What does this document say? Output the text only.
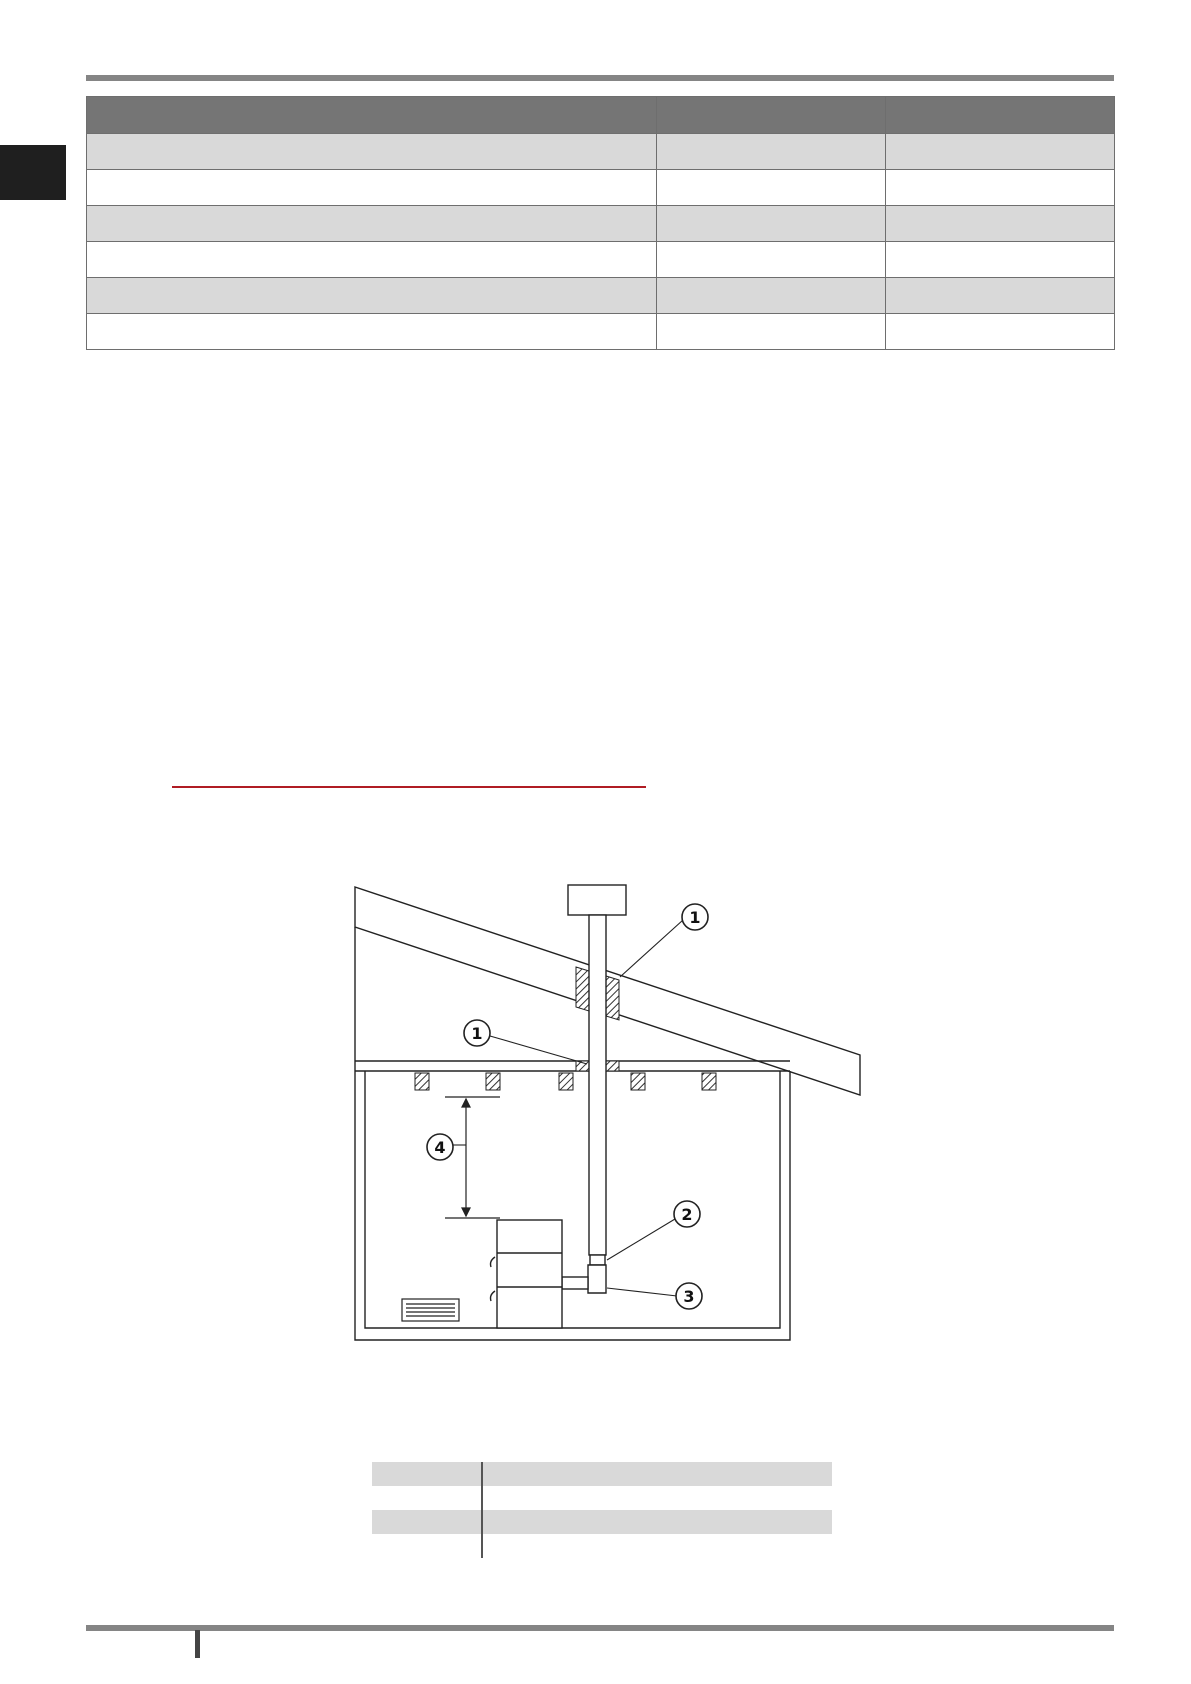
1
1
4
2
3
